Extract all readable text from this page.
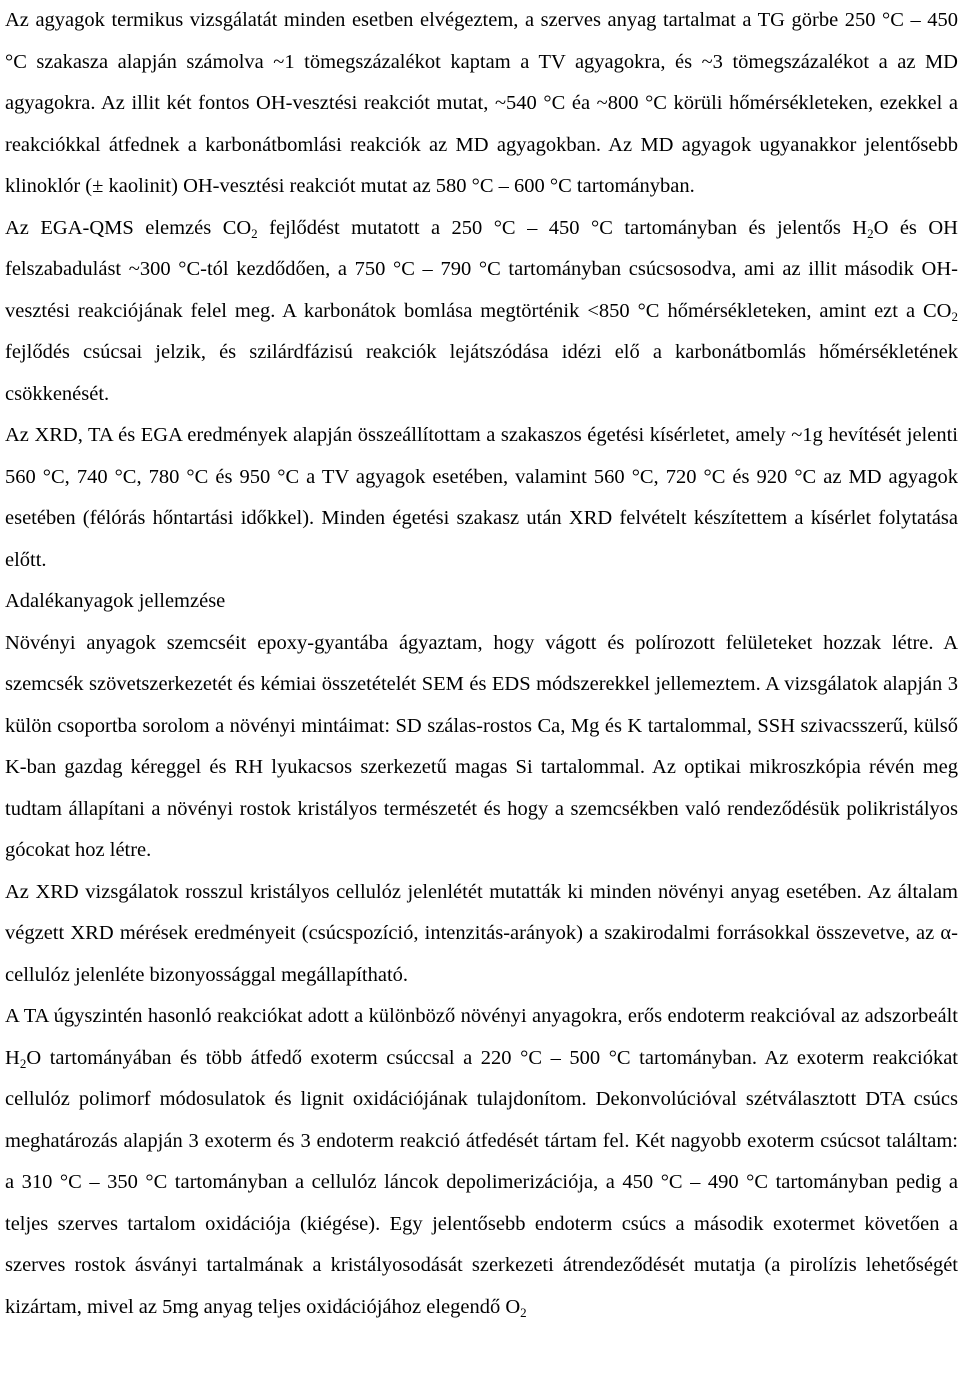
Az agyagok termikus vizsgálatát minden esetben elvégeztem, a szerves anyag tartalmat a TG görbe 250 °C – 450 °C szakasza alapján számolva ~1 tömegszázalékot kaptam a TV agyagokra, és ~3 tömegszázalékot a az MD agyagokra. Az illit két fontos OH-vesztési reakciót mutat, ~540 °C éa ~800 °C körüli hőmérsékleteken, ezekkel a reakciókkal átfednek a karbonátbomlási reakciók az MD agyagokban. Az MD agyagok ugyanakkor jelentősebb klinoklór (± kaolinit) OH-vesztési reakciót mutat az 580 °C – 600 °C tartományban.

Az EGA-QMS elemzés $CO_2$ fejlődést mutatott a 250 °C – 450 °C tartományban és jelentős $H_2O$ és OH felszabadulást ~300 °C-tól kezdődően, a 750 °C – 790 °C tartományban csúcsosodva, ami az illit második OH-vesztési reakciójának felel meg. A karbonátok bomlása megtörténik <850 °C hőmérsékleteken, amint ezt a $CO_2$ fejlődés csúcsai jelzik, és szilárdfázisú reakciók lejátszódása idézi elő a karbonátbomlás hőmérsékletének csökkenését.

Az XRD, TA és EGA eredmények alapján összeállítottam a szakaszos égetési kísérletet, amely ~1g hevítését jelenti 560 °C, 740 °C, 780 °C és 950 °C a TV agyagok esetében, valamint 560 °C, 720 °C és 920 °C az MD agyagok esetében (félórás hőntartási időkkel). Minden égetési szakasz után XRD felvételt készítettem a kísérlet folytatása előtt.

Adalékanyagok jellemzése

Növényi anyagok szemcséit epoxy-gyantába ágyaztam, hogy vágott és polírozott felületeket hozzak létre. A szemcsék szövetszerkezetét és kémiai összetételét SEM és EDS módszerekkel jellemeztem. A vizsgálatok alapján 3 külön csoportba sorolom a növényi mintáimat: SD szálas-rostos Ca, Mg és K tartalommal, SSH szivacsszerű, külső K-ban gazdag kéreggel és RH lyukacsos szerkezetű magas Si tartalommal. Az optikai mikroszkópia révén meg tudtam állapítani a növényi rostok kristályos természetét és hogy a szemcsékben való rendeződésük polikristályos gócokat hoz létre.

Az XRD vizsgálatok rosszul kristályos cellulóz jelenlétét mutatták ki minden növényi anyag esetében. Az általam végzett XRD mérések eredményeit (csúcspozíció, intenzitás-arányok) a szakirodalmi forrásokkal összevetve, az α-cellulóz jelenléte bizonyossággal megállapítható.

A TA úgyszintén hasonló reakciókat adott a különböző növényi anyagokra, erős endoterm reakcióval az adszorbeált $H_2O$ tartományában és több átfedő exoterm csúccsal a 220 °C – 500 °C tartományban. Az exoterm reakciókat cellulóz polimorf módosulatok és lignit oxidációjának tulajdonítom. Dekonvolúcióval szétválasztott DTA csúcs meghatározás alapján 3 exoterm és 3 endoterm reakció átfedését tártam fel. Két nagyobb exoterm csúcsot találtam: a 310 °C – 350 °C tartományban a cellulóz láncok depolimerizációja, a 450 °C – 490 °C tartományban pedig a teljes szerves tartalom oxidációja (kiégése). Egy jelentősebb endoterm csúcs a második exotermet követően a szerves rostok ásványi tartalmának a kristályosodását szerkezeti átrendeződését mutatja (a pirolízis lehetőségét kizártam, mivel az 5mg anyag teljes oxidációjához elegendő $O_2$
